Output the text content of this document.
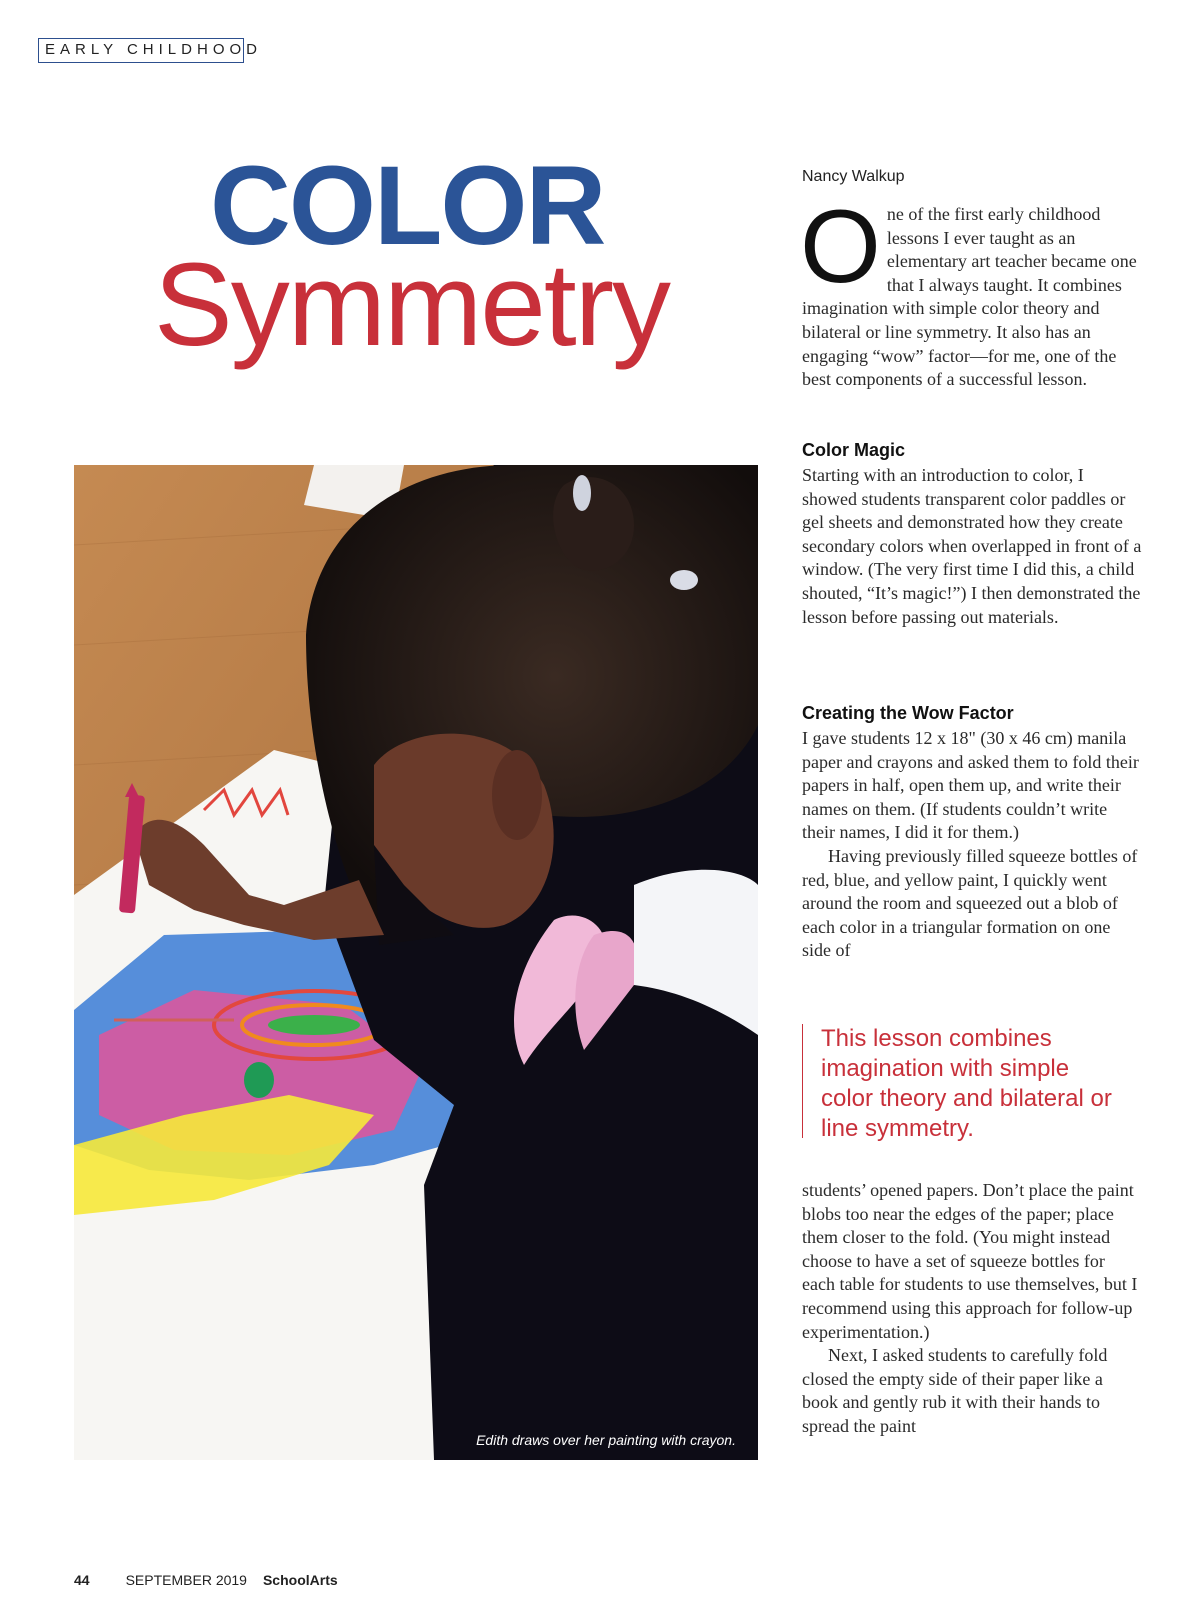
EARLY CHILDHOOD
COLOR
Symmetry
Nancy Walkup
One of the first early childhood lessons I ever taught as an elementary art teacher became one that I always taught. It combines imagination with simple color theory and bilateral or line symmetry. It also has an engaging “wow” factor—for me, one of the best components of a successful lesson.
Color Magic

Starting with an introduction to color, I showed students transparent color paddles or gel sheets and demonstrated how they create secondary colors when overlapped in front of a window. (The very first time I did this, a child shouted, “It’s magic!”) I then demonstrated the lesson before passing out materials.

Creating the Wow Factor

I gave students 12 x 18" (30 x 46 cm) manila paper and crayons and asked them to fold their papers in half, open them up, and write their names on them. (If students couldn’t write their names, I did it for them.)

Having previously filled squeeze bottles of red, blue, and yellow paint, I quickly went around the room and squeezed out a blob of each color in a triangular formation on one side of

This lesson combines imagination with simple color theory and bilateral or line symmetry.

students’ opened papers. Don’t place the paint blobs too near the edges of the paper; place them closer to the fold. (You might instead choose to have a set of squeeze bottles for each table for students to use themselves, but I recommend using this approach for follow-up experimentation.)

Next, I asked students to carefully fold closed the empty side of their paper like a book and gently rub it with their hands to spread the paint

Edith draws over her painting with crayon.
44	SEPTEMBER 2019 SchoolArts
